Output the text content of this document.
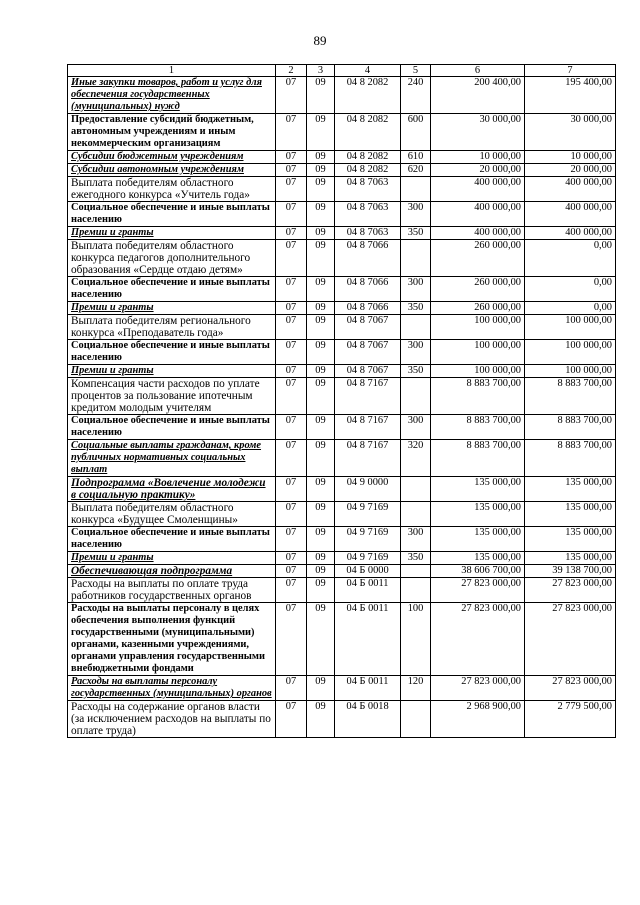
89
1	2	3	4	5	6	7
Иные закупки товаров, работ и услуг для обеспечения государственных (муниципальных) нужд	07	09	04 8 2082	240	200 400,00	195 400,00
Предоставление субсидий бюджетным, автономным учреждениям и иным некоммерческим организациям	07	09	04 8 2082	600	30 000,00	30 000,00
Субсидии бюджетным учреждениям	07	09	04 8 2082	610	10 000,00	10 000,00
Субсидии автономным учреждениям	07	09	04 8 2082	620	20 000,00	20 000,00
Выплата победителям областного ежегодного конкурса «Учитель года»	07	09	04 8 7063		400 000,00	400 000,00
Социальное обеспечение и иные выплаты населению	07	09	04 8 7063	300	400 000,00	400 000,00
Премии и гранты	07	09	04 8 7063	350	400 000,00	400 000,00
Выплата победителям областного конкурса педагогов дополнительного образования «Сердце отдаю детям»	07	09	04 8 7066		260 000,00	0,00
Социальное обеспечение и иные выплаты населению	07	09	04 8 7066	300	260 000,00	0,00
Премии и гранты	07	09	04 8 7066	350	260 000,00	0,00
Выплата победителям регионального конкурса «Преподаватель года»	07	09	04 8 7067		100 000,00	100 000,00
Социальное обеспечение и иные выплаты населению	07	09	04 8 7067	300	100 000,00	100 000,00
Премии и гранты	07	09	04 8 7067	350	100 000,00	100 000,00
Компенсация части расходов по уплате процентов за пользование ипотечным кредитом молодым учителям	07	09	04 8 7167		8 883 700,00	8 883 700,00
Социальное обеспечение и иные выплаты населению	07	09	04 8 7167	300	8 883 700,00	8 883 700,00
Социальные выплаты гражданам, кроме публичных нормативных социальных выплат	07	09	04 8 7167	320	8 883 700,00	8 883 700,00
Подпрограмма «Вовлечение молодежи в социальную практику»	07	09	04 9 0000		135 000,00	135 000,00
Выплата победителям областного конкурса «Будущее Смоленщины»	07	09	04 9 7169		135 000,00	135 000,00
Социальное обеспечение и иные выплаты населению	07	09	04 9 7169	300	135 000,00	135 000,00
Премии и гранты	07	09	04 9 7169	350	135 000,00	135 000,00
Обеспечивающая подпрограмма	07	09	04 Б 0000		38 606 700,00	39 138 700,00
Расходы на выплаты по оплате труда работников государственных органов	07	09	04 Б 0011		27 823 000,00	27 823 000,00
Расходы на выплаты персоналу в целях обеспечения выполнения функций государственными (муниципальными) органами, казенными учреждениями, органами управления государственными внебюджетными фондами	07	09	04 Б 0011	100	27 823 000,00	27 823 000,00
Расходы на выплаты персоналу государственных (муниципальных) органов	07	09	04 Б 0011	120	27 823 000,00	27 823 000,00
Расходы на содержание органов власти (за исключением расходов на выплаты по оплате труда)	07	09	04 Б 0018		2 968 900,00	2 779 500,00
